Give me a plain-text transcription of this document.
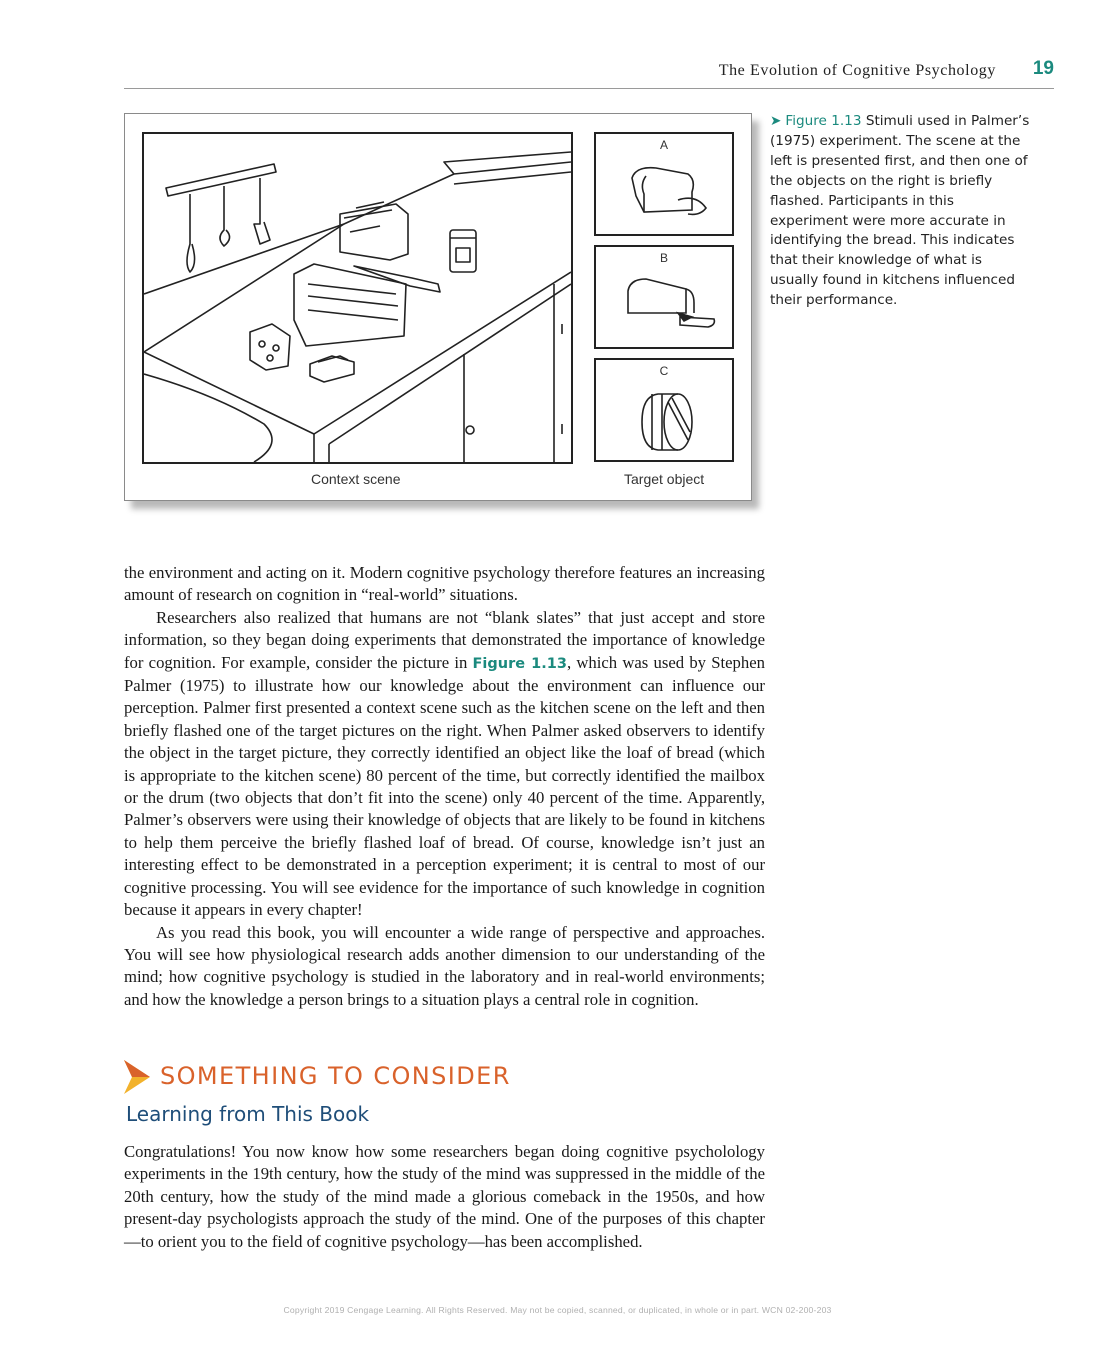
The Evolution of Cognitive Psychology 19
A
B
C
Context scene	Target object
➤ Figure 1.13 Stimuli used in Palmer’s (1975) experiment. The scene at the left is presented first, and then one of the objects on the right is briefly flashed. Participants in this experiment were more accurate in identifying the bread. This indicates that their knowledge of what is usually found in kitchens influenced their performance.

the environment and acting on it. Modern cognitive psychology therefore features an increasing amount of research on cognition in “real-world” situations.

Researchers also realized that humans are not “blank slates” that just accept and store information, so they began doing experiments that demonstrated the importance of knowledge for cognition. For example, consider the picture in Figure 1.13, which was used by Stephen Palmer (1975) to illustrate how our knowledge about the environment can influence our perception. Palmer first presented a context scene such as the kitchen scene on the left and then briefly flashed one of the target pictures on the right. When Palmer asked observers to identify the object in the target picture, they correctly identified an object like the loaf of bread (which is appropriate to the kitchen scene) 80 percent of the time, but correctly identified the mailbox or the drum (two objects that don’t fit into the scene) only 40 percent of the time. Apparently, Palmer’s observers were using their knowledge of objects that are likely to be found in kitchens to help them perceive the briefly flashed loaf of bread. Of course, knowledge isn’t just an interesting effect to be demonstrated in a perception experiment; it is central to most of our cognitive processing. You will see evidence for the importance of such knowledge in cognition because it appears in every chapter!

As you read this book, you will encounter a wide range of perspective and approaches. You will see how physiological research adds another dimension to our understanding of the mind; how cognitive psychology is studied in the laboratory and in real-world environments; and how the knowledge a person brings to a situation plays a central role in cognition.

SOMETHING TO CONSIDER
Learning from This Book

Congratulations! You now know how some researchers began doing cognitive psycholology experiments in the 19th century, how the study of the mind was suppressed in the middle of the 20th century, how the study of the mind made a glorious comeback in the 1950s, and how present-day psychologists approach the study of the mind. One of the purposes of this chapter—to orient you to the field of cognitive psychology—has been accomplished.

Copyright 2019 Cengage Learning. All Rights Reserved. May not be copied, scanned, or duplicated, in whole or in part. WCN 02-200-203
